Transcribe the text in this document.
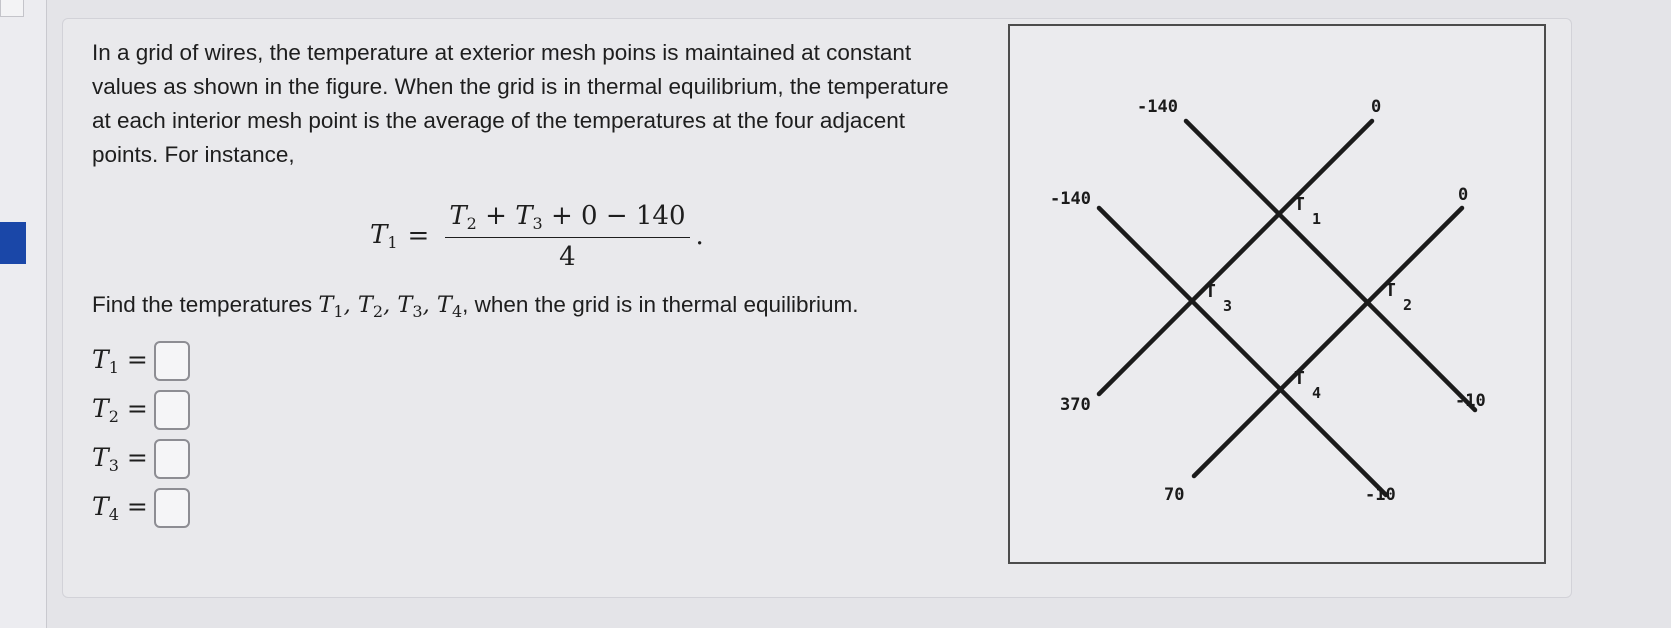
In a grid of wires, the temperature at exterior mesh poins is maintained at constant values as shown in the figure. When the grid is in thermal equilibrium, the temperature at each interior mesh point is the average of the temperatures at the four adjacent points. For instance,
$T_1 = \frac{T_2 + T_3 + 0 - 140}{4}$ .
Find the temperatures $T_1$, $T_2$, $T_3$, $T_4$, when the grid is in thermal equilibrium.
$T_1$ =
$T_2$ =
$T_3$ =
$T_4$ =
-140	0
-140	0
370	-10
70	-10
T
1
T
2
T
3
T
4
